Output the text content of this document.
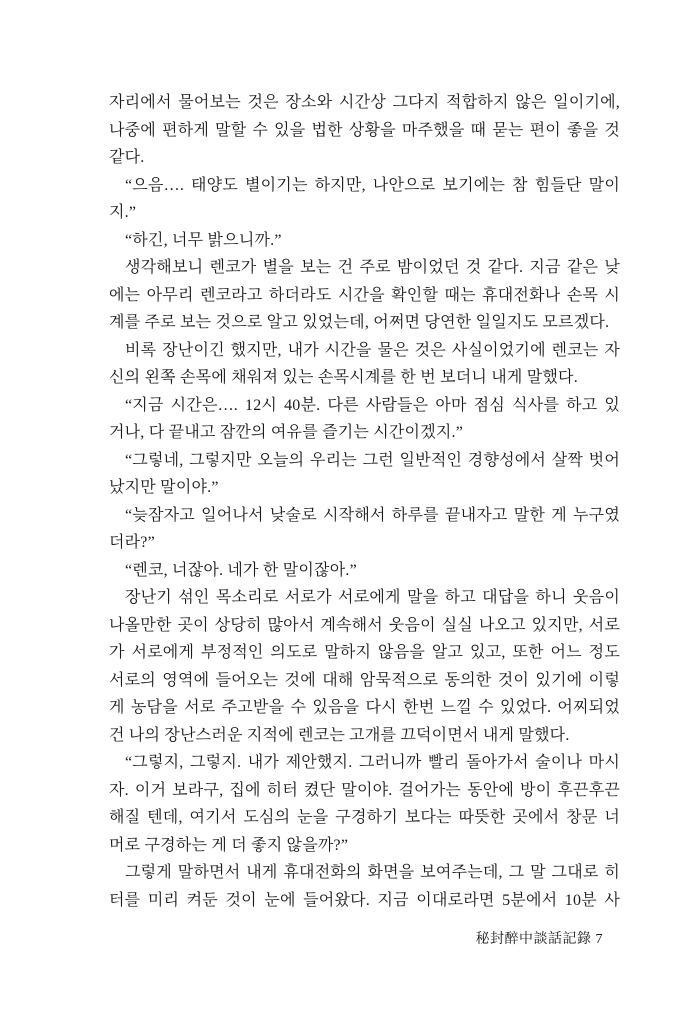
자리에서 물어보는 것은 장소와 시간상 그다지 적합하지 않은 일이기에,
나중에 편하게 말할 수 있을 법한 상황을 마주했을 때 묻는 편이 좋을 것
같다.
“으음…. 태양도 별이기는 하지만, 나안으로 보기에는 참 힘들단 말이
지.”
“하긴, 너무 밝으니까.”
생각해보니 렌코가 별을 보는 건 주로 밤이었던 것 같다. 지금 같은 낮
에는 아무리 렌코라고 하더라도 시간을 확인할 때는 휴대전화나 손목 시
계를 주로 보는 것으로 알고 있었는데, 어쩌면 당연한 일일지도 모르겠다.
비록 장난이긴 했지만, 내가 시간을 물은 것은 사실이었기에 렌코는 자
신의 왼쪽 손목에 채워져 있는 손목시계를 한 번 보더니 내게 말했다.
“지금 시간은…. 12시 40분. 다른 사람들은 아마 점심 식사를 하고 있
거나, 다 끝내고 잠깐의 여유를 즐기는 시간이겠지.”
“그렇네, 그렇지만 오늘의 우리는 그런 일반적인 경향성에서 살짝 벗어
났지만 말이야.”
“늦잠자고 일어나서 낮술로 시작해서 하루를 끝내자고 말한 게 누구였
더라?”
“렌코, 너잖아. 네가 한 말이잖아.”
장난기 섞인 목소리로 서로가 서로에게 말을 하고 대답을 하니 웃음이
나올만한 곳이 상당히 많아서 계속해서 웃음이 실실 나오고 있지만, 서로
가 서로에게 부정적인 의도로 말하지 않음을 알고 있고, 또한 어느 정도
서로의 영역에 들어오는 것에 대해 암묵적으로 동의한 것이 있기에 이렇
게 농담을 서로 주고받을 수 있음을 다시 한번 느낄 수 있었다. 어찌되었
건 나의 장난스러운 지적에 렌코는 고개를 끄덕이면서 내게 말했다.
“그렇지, 그렇지. 내가 제안했지. 그러니까 빨리 돌아가서 술이나 마시
자. 이거 보라구, 집에 히터 켰단 말이야. 걸어가는 동안에 방이 후끈후끈
해질 텐데, 여기서 도심의 눈을 구경하기 보다는 따뜻한 곳에서 창문 너
머로 구경하는 게 더 좋지 않을까?”
그렇게 말하면서 내게 휴대전화의 화면을 보여주는데, 그 말 그대로 히
터를 미리 켜둔 것이 눈에 들어왔다. 지금 이대로라면 5분에서 10분 사
秘封醉中談話記錄 7
